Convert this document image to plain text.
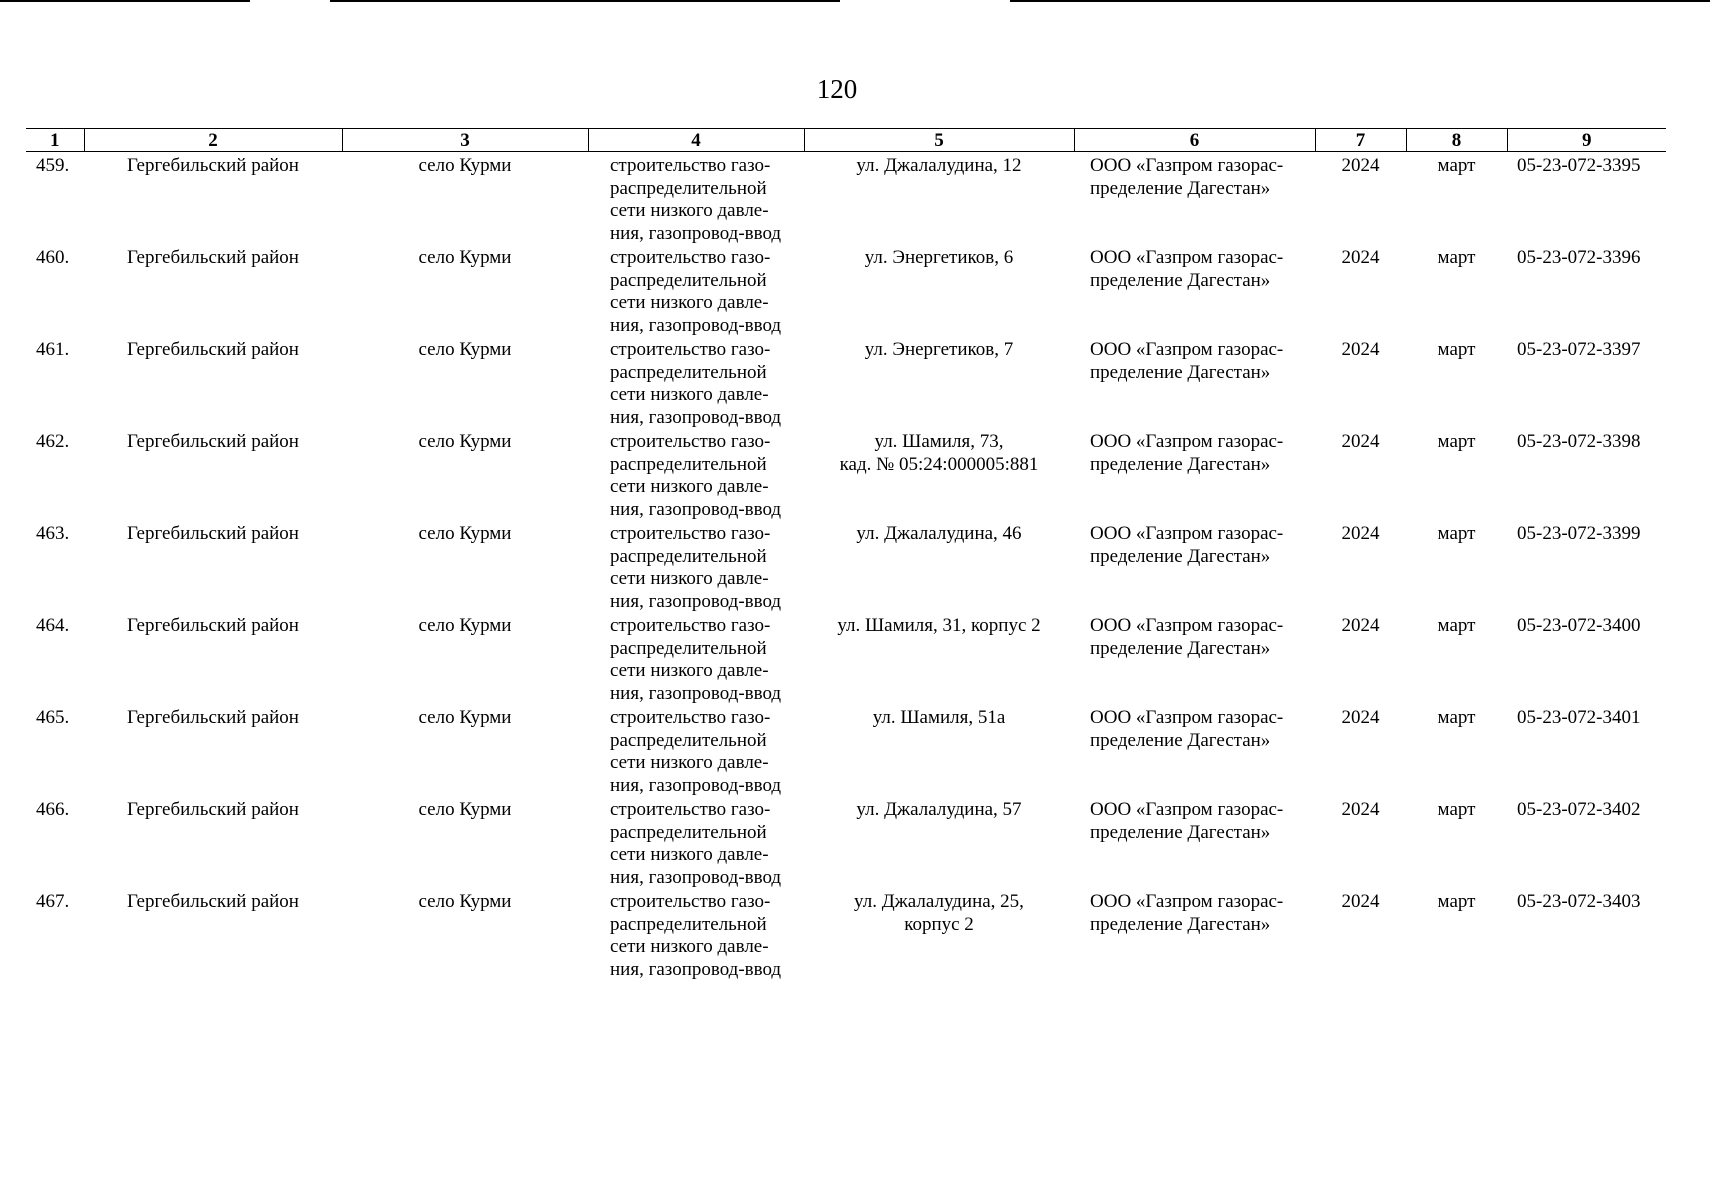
120
1	2	3	4	5	6	7	8	9
459.	Гергебильский район	село Курми	строительство газо-
распределительной
сети низкого давле-
ния, газопровод-ввод	ул. Джалалудина, 12	ООО «Газпром газорас-
пределение Дагестан»	2024	март	05-23-072-3395
460.	Гергебильский район	село Курми	строительство газо-
распределительной
сети низкого давле-
ния, газопровод-ввод	ул. Энергетиков, 6	ООО «Газпром газорас-
пределение Дагестан»	2024	март	05-23-072-3396
461.	Гергебильский район	село Курми	строительство газо-
распределительной
сети низкого давле-
ния, газопровод-ввод	ул. Энергетиков, 7	ООО «Газпром газорас-
пределение Дагестан»	2024	март	05-23-072-3397
462.	Гергебильский район	село Курми	строительство газо-
распределительной
сети низкого давле-
ния, газопровод-ввод	ул. Шамиля, 73,
кад. № 05:24:000005:881	ООО «Газпром газорас-
пределение Дагестан»	2024	март	05-23-072-3398
463.	Гергебильский район	село Курми	строительство газо-
распределительной
сети низкого давле-
ния, газопровод-ввод	ул. Джалалудина, 46	ООО «Газпром газорас-
пределение Дагестан»	2024	март	05-23-072-3399
464.	Гергебильский район	село Курми	строительство газо-
распределительной
сети низкого давле-
ния, газопровод-ввод	ул. Шамиля, 31, корпус 2	ООО «Газпром газорас-
пределение Дагестан»	2024	март	05-23-072-3400
465.	Гергебильский район	село Курми	строительство газо-
распределительной
сети низкого давле-
ния, газопровод-ввод	ул. Шамиля, 51а	ООО «Газпром газорас-
пределение Дагестан»	2024	март	05-23-072-3401
466.	Гергебильский район	село Курми	строительство газо-
распределительной
сети низкого давле-
ния, газопровод-ввод	ул. Джалалудина, 57	ООО «Газпром газорас-
пределение Дагестан»	2024	март	05-23-072-3402
467.	Гергебильский район	село Курми	строительство газо-
распределительной
сети низкого давле-
ния, газопровод-ввод	ул. Джалалудина, 25,
корпус 2	ООО «Газпром газорас-
пределение Дагестан»	2024	март	05-23-072-3403
